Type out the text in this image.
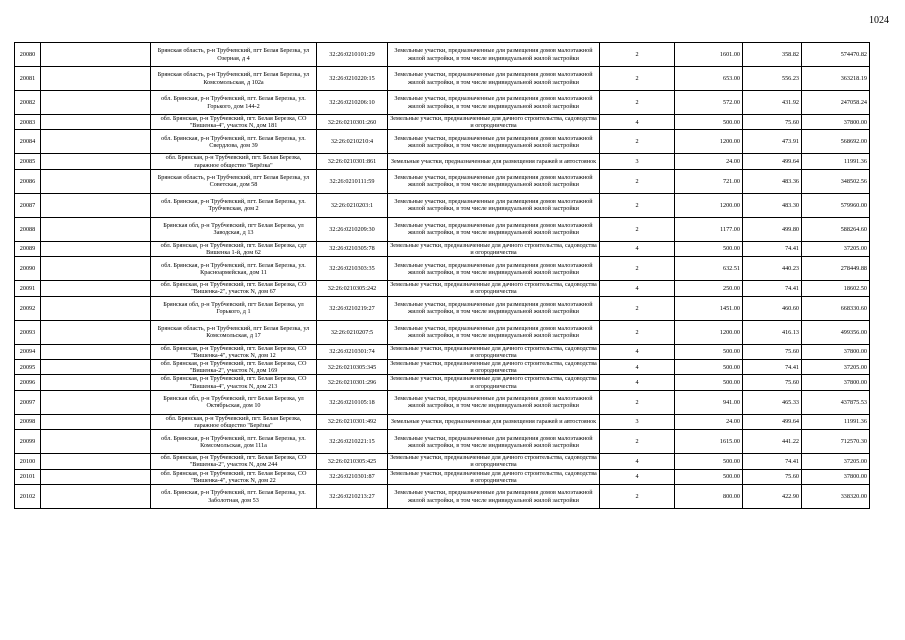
1024
20080		Брянская область, р-н Трубчевский, пгт Белая Березка, ул Озерная, д 4	32:26:0210101:29	Земельные участки, предназначенные для размещения домов малоэтажной жилой застройки, в том числе индивидуальной жилой застройки	2	1601.00	358.82	574470.82
20081		Брянская область, р-н Трубчевский, пгт Белая Березка, ул Комсомольская, д 102а	32:26:0210220:15	Земельные участки, предназначенные для размещения домов малоэтажной жилой застройки, в том числе индивидуальной жилой застройки	2	653.00	556.23	363218.19
20082		обл. Брянская, р-н Трубчевский, пгт. Белая Березка, ул. Горького, дом 144-2	32:26:0210206:10	Земельные участки, предназначенные для размещения домов малоэтажной жилой застройки, в том числе индивидуальной жилой застройки	2	572.00	431.92	247058.24
20083		обл. Брянская, р-н Трубчевский, пгт. Белая Березка, СО "Вишенка-4", участок N, дом 181	32:26:0210301:260	Земельные участки, предназначенные для дачного строительства, садоводства и огородничества	4	500.00	75.60	37800.00
20084		обл. Брянская, р-н Трубчевский, пгт. Белая Березка, ул. Свердлова, дом 39	32:26:0210210:4	Земельные участки, предназначенные для размещения домов малоэтажной жилой застройки, в том числе индивидуальной жилой застройки	2	1200.00	473.91	568692.00
20085		обл. Брянская, р-н Трубчевский, пгт. Белая Березка, гаражное общество "Берёзка"	32:26:0210301:861	Земельные участки, предназначенные для размещения гаражей и автостоянок	3	24.00	499.64	11991.36
20086		Брянская область, р-н Трубчевский, пгт Белая Березка, ул Советская, дом 58	32:26:0210111:59	Земельные участки, предназначенные для размещения домов малоэтажной жилой застройки, в том числе индивидуальной жилой застройки	2	721.00	483.36	348502.56
20087		обл. Брянская, р-н Трубчевский, пгт. Белая Березка, ул. Трубчевская, дом 2	32:26:0210203:1	Земельные участки, предназначенные для размещения домов малоэтажной жилой застройки, в том числе индивидуальной жилой застройки	2	1200.00	483.30	579960.00
20088		Брянская обл, р-н Трубчевский, пгт Белая Березка, ул Заводская, д 13	32:26:0210209:30	Земельные участки, предназначенные для размещения домов малоэтажной жилой застройки, в том числе индивидуальной жилой застройки	2	1177.00	499.80	588264.60
20089		обл. Брянская, р-н Трубчевский, пгт. Белая Березка, сдт Вишенка 1-й, дом 62	32:26:0210305:78	Земельные участки, предназначенные для дачного строительства, садоводства и огородничества	4	500.00	74.41	37205.00
20090		обл. Брянская, р-н Трубчевский, пгт. Белая Березка, ул. Красноармейская, дом 11	32:26:0210303:35	Земельные участки, предназначенные для размещения домов малоэтажной жилой застройки, в том числе индивидуальной жилой застройки	2	632.51	440.23	278449.88
20091		обл. Брянская, р-н Трубчевский, пгт. Белая Березка, СО "Вишенка-2", участок N, дом 67	32:26:0210305:242	Земельные участки, предназначенные для дачного строительства, садоводства и огородничества	4	250.00	74.41	18602.50
20092		Брянская обл, р-н Трубчевский, пгт Белая Березка, ул Горького, д 1	32:26:0210219:27	Земельные участки, предназначенные для размещения домов малоэтажной жилой застройки, в том числе индивидуальной жилой застройки	2	1451.00	460.60	668330.60
20093		Брянская область, р-н Трубчевский, пгт Белая Березка, ул Комсомольская, д 17	32:26:0210207:5	Земельные участки, предназначенные для размещения домов малоэтажной жилой застройки, в том числе индивидуальной жилой застройки	2	1200.00	416.13	499356.00
20094		обл. Брянская, р-н Трубчевский, пгт. Белая Березка, СО "Вишенка-4", участок N, дом 12	32:26:0210301:74	Земельные участки, предназначенные для дачного строительства, садоводства и огородничества	4	500.00	75.60	37800.00
20095		обл. Брянская, р-н Трубчевский, пгт. Белая Березка, СО "Вишенка-2", участок N, дом 169	32:26:0210305:345	Земельные участки, предназначенные для дачного строительства, садоводства и огородничества	4	500.00	74.41	37205.00
20096		обл. Брянская, р-н Трубчевский, пгт. Белая Березка, СО "Вишенка-4", участок N, дом 213	32:26:0210301:296	Земельные участки, предназначенные для дачного строительства, садоводства и огородничества	4	500.00	75.60	37800.00
20097		Брянская обл, р-н Трубчевский, пгт Белая Березка, ул Октябрьская, дом 10	32:26:0210105:18	Земельные участки, предназначенные для размещения домов малоэтажной жилой застройки, в том числе индивидуальной жилой застройки	2	941.00	465.33	437875.53
20098		обл. Брянская, р-н Трубчевский, пгт. Белая Березка, гаражное общество "Берёзка"	32:26:0210301:492	Земельные участки, предназначенные для размещения гаражей и автостоянок	3	24.00	499.64	11991.36
20099		обл. Брянская, р-н Трубчевский, пгт. Белая Березка, ул. Комсомольская, дом 111а	32:26:0210221:15	Земельные участки, предназначенные для размещения домов малоэтажной жилой застройки, в том числе индивидуальной жилой застройки	2	1615.00	441.22	712570.30
20100		обл. Брянская, р-н Трубчевский, пгт. Белая Березка, СО "Вишенка-2", участок N, дом 244	32:26:0210305:425	Земельные участки, предназначенные для дачного строительства, садоводства и огородничества	4	500.00	74.41	37205.00
20101		обл. Брянская, р-н Трубчевский, пгт. Белая Березка, СО "Вишенка-4", участок N, дом 22	32:26:0210301:87	Земельные участки, предназначенные для дачного строительства, садоводства и огородничества	4	500.00	75.60	37800.00
20102		обл. Брянская, р-н Трубчевский, пгт. Белая Березка, ул. Заболотная, дом 53	32:26:0210213:27	Земельные участки, предназначенные для размещения домов малоэтажной жилой застройки, в том числе индивидуальной жилой застройки	2	800.00	422.90	338320.00
